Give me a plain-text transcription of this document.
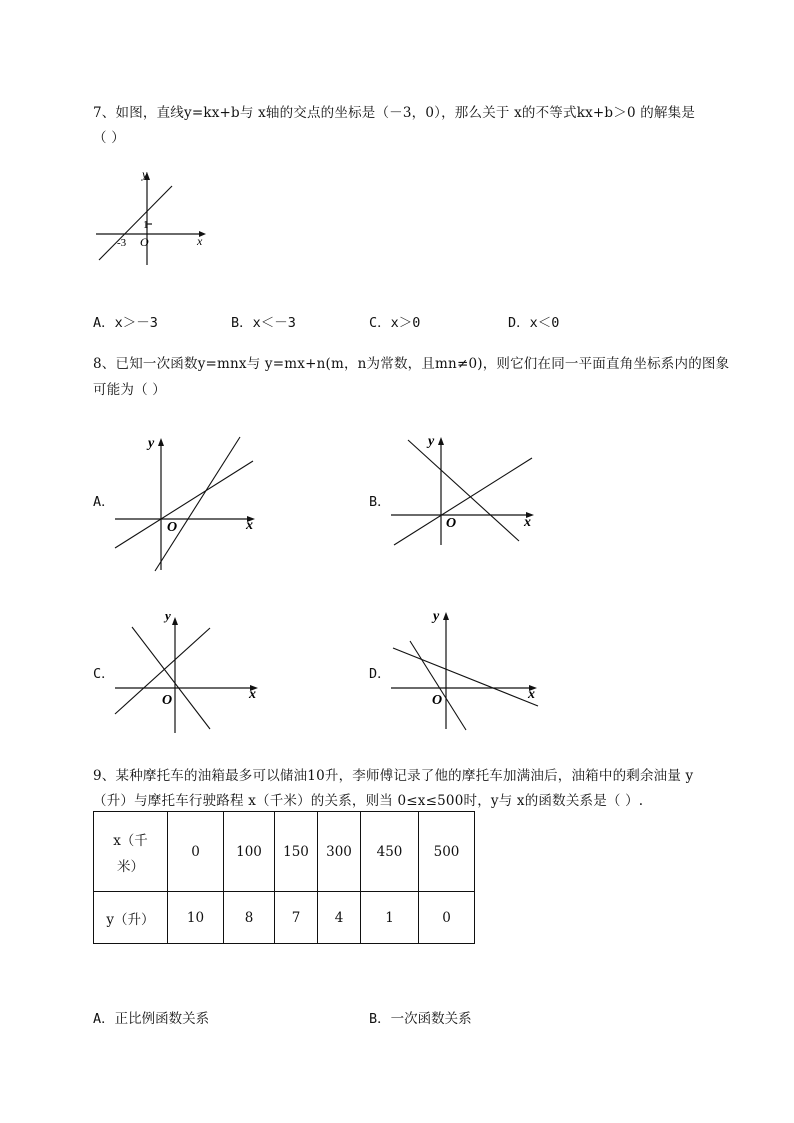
7、如图，直线y=kx+b与 x轴的交点的坐标是（－3，0），那么关于 x的不等式kx+b＞0 的解集是
（ ）
y
x
1
-3 O
A．x＞－3	B．x＜－3	C．x＞0	D．x＜0
8、已知一次函数y=mnx与 y=mx+n(m，n为常数，且mn≠0)，则它们在同一平面直角坐标系内的图象
可能为（ ）
A．
y
x
O
B．
y
x
O
C．
y
x
O
D．
y
x
O
9、某种摩托车的油箱最多可以储油10升，李师傅记录了他的摩托车加满油后，油箱中的剩余油量 y
（升）与摩托车行驶路程 x（千米）的关系，则当 0≤x≤500时，y与 x的函数关系是（ ）.
x（千
米）	0	100	150	300	450	500
y（升）	10	8	7	4	1	0
A．正比例函数关系	B．一次函数关系
